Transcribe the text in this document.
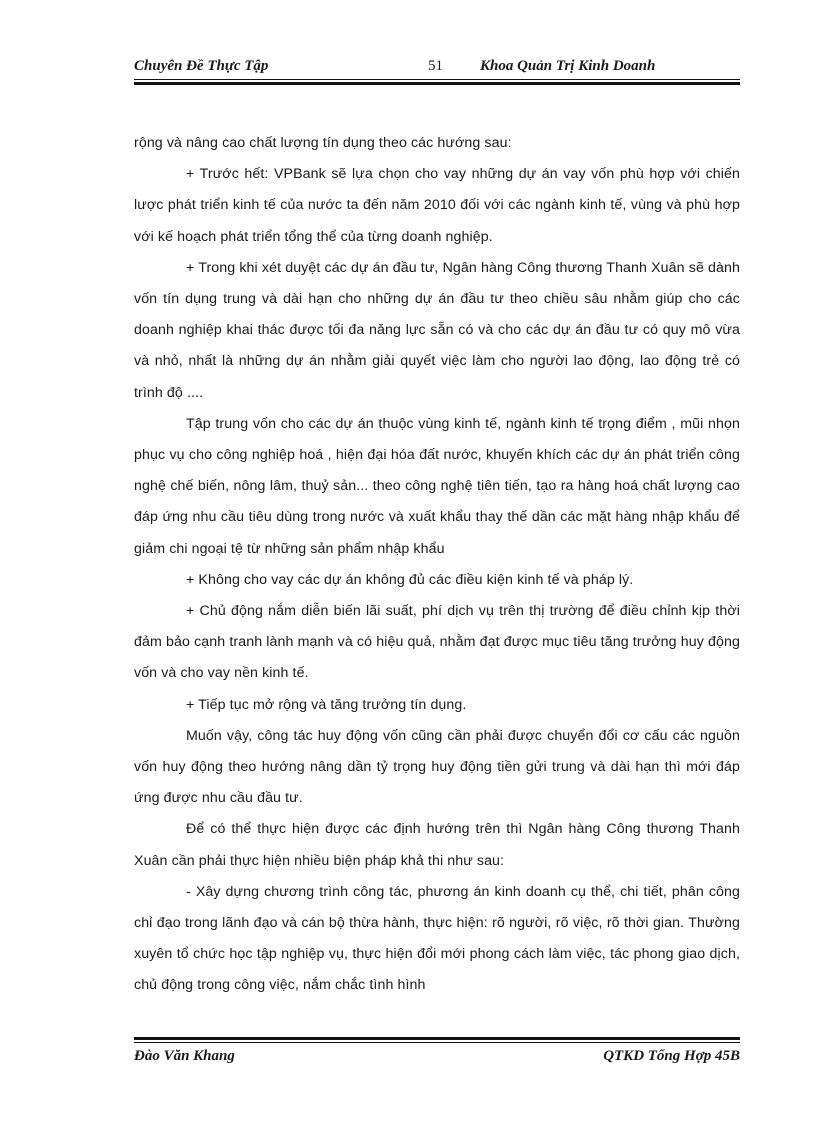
Chuyên Đề Thực Tập	51 Khoa Quản Trị Kinh Doanh

rộng và nâng cao chất lượng tín dụng theo các hướng sau:

+ Trước hết: VPBank sẽ lựa chọn cho vay những dự án vay vốn phù hợp với chiến lược phát triển kinh tế của nước ta đến năm 2010 đối với các ngành kinh tế, vùng và phù hợp với kế hoạch phát triển tổng thể của từng doanh nghiệp.

+ Trong khi xét duyệt các dự án đầu tư, Ngân hàng Công thương Thanh Xuân sẽ dành vốn tín dụng trung và dài hạn cho những dự án đầu tư theo chiều sâu nhằm giúp cho các doanh nghiệp khai thác được tối đa năng lực sẵn có và cho các dự án đầu tư có quy mô vừa và nhỏ, nhất là những dự án nhằm giải quyết việc làm cho người lao động, lao động trẻ có trình độ ....

Tập trung vốn cho các dự án thuộc vùng kinh tế, ngành kinh tế trọng điểm , mũi nhọn phục vụ cho công nghiệp hoá , hiện đại hóa đất nước, khuyến khích các dự án phát triển công nghệ chế biến, nông lâm, thuỷ sản... theo công nghệ tiên tiến, tạo ra hàng hoá chất lượng cao đáp ứng nhu cầu tiêu dùng trong nước và xuất khẩu thay thế dần các mặt hàng nhập khẩu để giảm chi ngoại tệ từ những sản phẩm nhập khẩu

+ Không cho vay các dự án không đủ các điều kiện kinh tế và pháp lý.

+ Chủ động nắm diễn biến lãi suất, phí dịch vụ trên thị trường để điều chỉnh kịp thời đảm bảo cạnh tranh lành mạnh và có hiệu quả, nhằm đạt được mục tiêu tăng trưởng huy động vốn và cho vay nền kinh tế.

+ Tiếp tục mở rộng và tăng trưởng tín dụng.

Muốn vậy, công tác huy động vốn cũng cần phải được chuyển đổi cơ cấu các nguồn vốn huy động theo hướng nâng dần tỷ trọng huy động tiền gửi trung và dài hạn thì mới đáp ứng được nhu cầu đầu tư.

Để có thể thực hiện được các định hướng trên thì Ngân hàng Công thương Thanh Xuân cần phải thực hiện nhiều biện pháp khả thi như sau:

- Xây dựng chương trình công tác, phương án kinh doanh cụ thể, chi tiết, phân công chỉ đạo trong lãnh đạo và cán bộ thừa hành, thực hiện: rõ người, rõ việc, rõ thời gian. Thường xuyên tổ chức học tập nghiệp vụ, thực hiện đổi mới phong cách làm việc, tác phong giao dịch, chủ động trong công việc, nắm chắc tình hình

Đào Văn Khang	QTKD Tổng Hợp 45B
